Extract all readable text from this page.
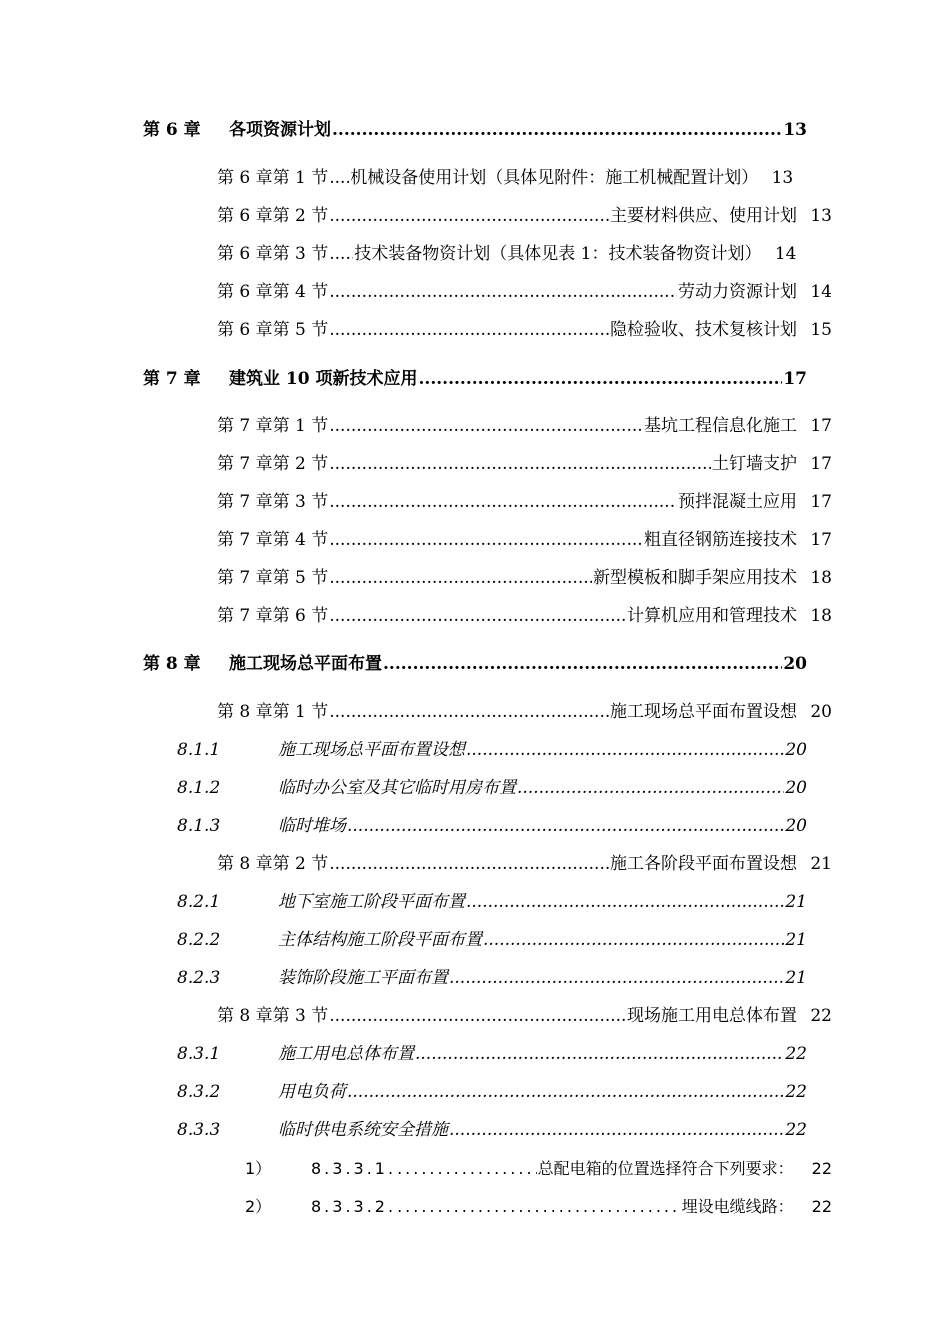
第 6 章	各项资源计划 .....	13
第 6 章第 1 节 ..... 机械设备使用计划（具体见附件：施工机械配置计划） 13
第 6 章第 2 节 .....	主要材料供应、使用计划 13
第 6 章第 3 节 ..... 技术装备物资计划（具体见表 1：技术装备物资计划） 14
第 6 章第 4 节 .....	劳动力资源计划 14
第 6 章第 5 节 .....	隐检验收、技术复核计划 15
第 7 章	建筑业 10 项新技术应用 .....	17
第 7 章第 1 节 .....	基坑工程信息化施工 17
第 7 章第 2 节 .....	土钉墙支护 17
第 7 章第 3 节 .....	预拌混凝土应用 17
第 7 章第 4 节 .....	粗直径钢筋连接技术 17
第 7 章第 5 节 .....	新型模板和脚手架应用技术 18
第 7 章第 6 节 .....	计算机应用和管理技术 18
第 8 章	施工现场总平面布置 .....	20
第 8 章第 1 节 .....	施工现场总平面布置设想 20
8.1.1	施工现场总平面布置设想 .....	20
8.1.2	临时办公室及其它临时用房布置 .....	20
8.1.3	临时堆场 .....	20
第 8 章第 2 节 .....	施工各阶段平面布置设想 21
8.2.1	地下室施工阶段平面布置 .....	21
8.2.2	主体结构施工阶段平面布置 .....	21
8.2.3	装饰阶段施工平面布置 .....	21
第 8 章第 3 节 .....	现场施工用电总体布置 22
8.3.1	施工用电总体布置 .....	22
8.3.2	用电负荷 .....	22
8.3.3	临时供电系统安全措施 .....	22
1）	8.3.3.1. .....	总配电箱的位置选择符合下列要求： 22
2）	8.3.3.2. .....	埋设电缆线路： 22
